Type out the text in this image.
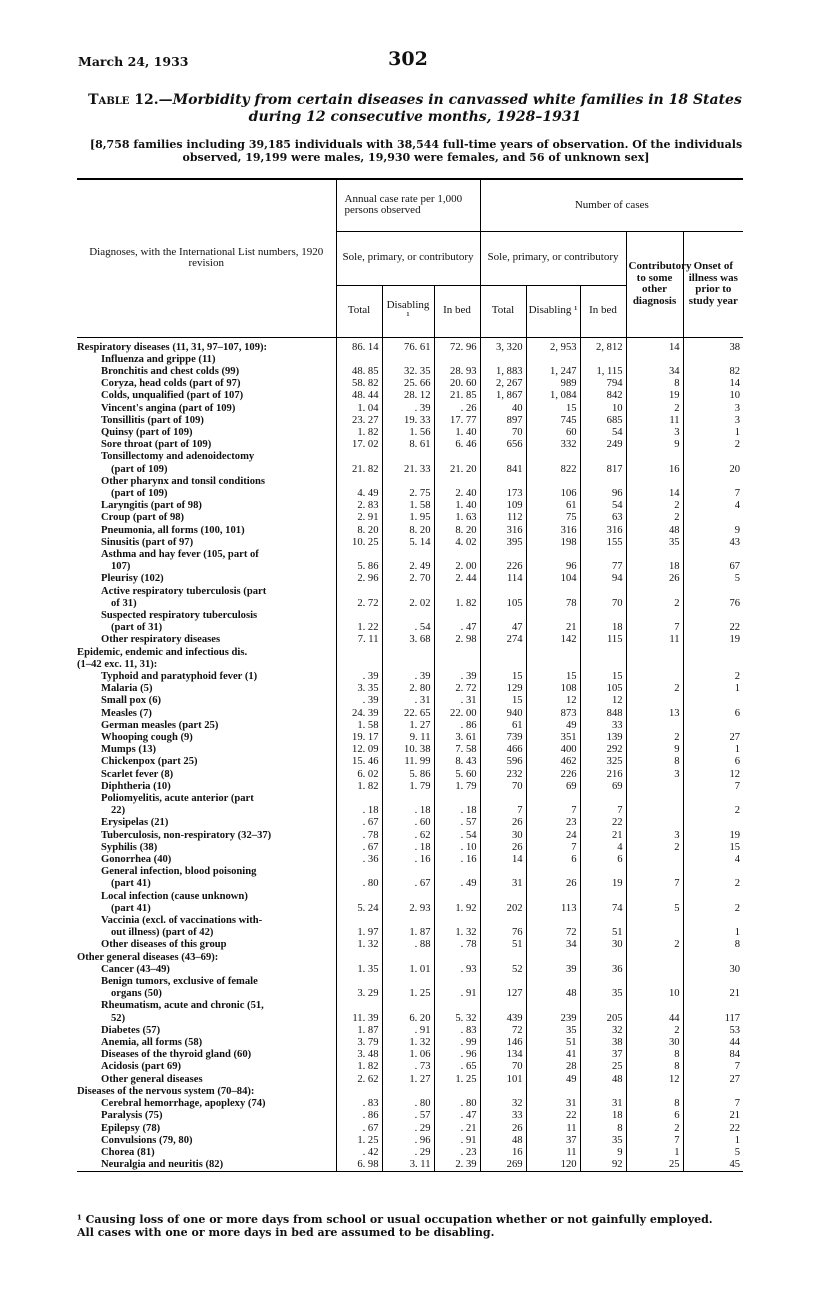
March 24, 1933	302
Table 12.—Morbidity from certain diseases in canvassed white families in 18 States during 12 consecutive months, 1928–1931
[8,758 families including 39,185 individuals with 38,544 full-time years of observation. Of the individuals observed, 19,199 were males, 19,930 were females, and 56 of unknown sex]
Diagnoses, with the International List numbers, 1920 revision	Annual case rate per 1,000 persons observed			Number of cases				
	Sole, primary, or contributory			Sole, primary, or contributory			Contributory to some other diagnosis	Onset of illness was prior to study year
	Total	Disabling ¹	In bed	Total	Disabling ¹	In bed		

Respiratory diseases (11, 31, 97–107, 109):	86. 14	76. 61	72. 96	3, 320	2, 953	2, 812	14	38
Influenza and grippe (11)								
Bronchitis and chest colds (99)	48. 85	32. 35	28. 93	1, 883	1, 247	1, 115	34	82
Coryza, head colds (part of 97)	58. 82	25. 66	20. 60	2, 267	989	794	8	14
Colds, unqualified (part of 107)	48. 44	28. 12	21. 85	1, 867	1, 084	842	19	10
Vincent's angina (part of 109)	1. 04	. 39	. 26	40	15	10	2	3
Tonsillitis (part of 109)	23. 27	19. 33	17. 77	897	745	685	11	3
Quinsy (part of 109)	1. 82	1. 56	1. 40	70	60	54	3	1
Sore throat (part of 109)	17. 02	8. 61	6. 46	656	332	249	9	2
Tonsillectomy and adenoidectomy								
(part of 109)	21. 82	21. 33	21. 20	841	822	817	16	20
Other pharynx and tonsil conditions								
(part of 109)	4. 49	2. 75	2. 40	173	106	96	14	7
Laryngitis (part of 98)	2. 83	1. 58	1. 40	109	61	54	2	4
Croup (part of 98)	2. 91	1. 95	1. 63	112	75	63	2	
Pneumonia, all forms (100, 101)	8. 20	8. 20	8. 20	316	316	316	48	9
Sinusitis (part of 97)	10. 25	5. 14	4. 02	395	198	155	35	43
Asthma and hay fever (105, part of								
107)	5. 86	2. 49	2. 00	226	96	77	18	67
Pleurisy (102)	2. 96	2. 70	2. 44	114	104	94	26	5
Active respiratory tuberculosis (part								
of 31)	2. 72	2. 02	1. 82	105	78	70	2	76
Suspected respiratory tuberculosis								
(part of 31)	1. 22	. 54	. 47	47	21	18	7	22
Other respiratory diseases	7. 11	3. 68	2. 98	274	142	115	11	19
Epidemic, endemic and infectious dis.								
(1–42 exc. 11, 31):								
Typhoid and paratyphoid fever (1)	. 39	. 39	. 39	15	15	15		2
Malaria (5)	3. 35	2. 80	2. 72	129	108	105	2	1
Small pox (6)	. 39	. 31	. 31	15	12	12		
Measles (7)	24. 39	22. 65	22. 00	940	873	848	13	6
German measles (part 25)	1. 58	1. 27	. 86	61	49	33		
Whooping cough (9)	19. 17	9. 11	3. 61	739	351	139	2	27
Mumps (13)	12. 09	10. 38	7. 58	466	400	292	9	1
Chickenpox (part 25)	15. 46	11. 99	8. 43	596	462	325	8	6
Scarlet fever (8)	6. 02	5. 86	5. 60	232	226	216	3	12
Diphtheria (10)	1. 82	1. 79	1. 79	70	69	69		7
Poliomyelitis, acute anterior (part								
22)	. 18	. 18	. 18	7	7	7		2
Erysipelas (21)	. 67	. 60	. 57	26	23	22		
Tuberculosis, non-respiratory (32–37)	. 78	. 62	. 54	30	24	21	3	19
Syphilis (38)	. 67	. 18	. 10	26	7	4	2	15
Gonorrhea (40)	. 36	. 16	. 16	14	6	6		4
General infection, blood poisoning								
(part 41)	. 80	. 67	. 49	31	26	19	7	2
Local infection (cause unknown)								
(part 41)	5. 24	2. 93	1. 92	202	113	74	5	2
Vaccinia (excl. of vaccinations with-								
out illness) (part of 42)	1. 97	1. 87	1. 32	76	72	51		1
Other diseases of this group	1. 32	. 88	. 78	51	34	30	2	8
Other general diseases (43–69):								
Cancer (43–49)	1. 35	1. 01	. 93	52	39	36		30
Benign tumors, exclusive of female								
organs (50)	3. 29	1. 25	. 91	127	48	35	10	21
Rheumatism, acute and chronic (51,								
52)	11. 39	6. 20	5. 32	439	239	205	44	117
Diabetes (57)	1. 87	. 91	. 83	72	35	32	2	53
Anemia, all forms (58)	3. 79	1. 32	. 99	146	51	38	30	44
Diseases of the thyroid gland (60)	3. 48	1. 06	. 96	134	41	37	8	84
Acidosis (part 69)	1. 82	. 73	. 65	70	28	25	8	7
Other general diseases	2. 62	1. 27	1. 25	101	49	48	12	27
Diseases of the nervous system (70–84):								
Cerebral hemorrhage, apoplexy (74)	. 83	. 80	. 80	32	31	31	8	7
Paralysis (75)	. 86	. 57	. 47	33	22	18	6	21
Epilepsy (78)	. 67	. 29	. 21	26	11	8	2	22
Convulsions (79, 80)	1. 25	. 96	. 91	48	37	35	7	1
Chorea (81)	. 42	. 29	. 23	16	11	9	1	5
Neuralgia and neuritis (82)	6. 98	3. 11	2. 39	269	120	92	25	45
¹ Causing loss of one or more days from school or usual occupation whether or not gainfully employed.
All cases with one or more days in bed are assumed to be disabling.
